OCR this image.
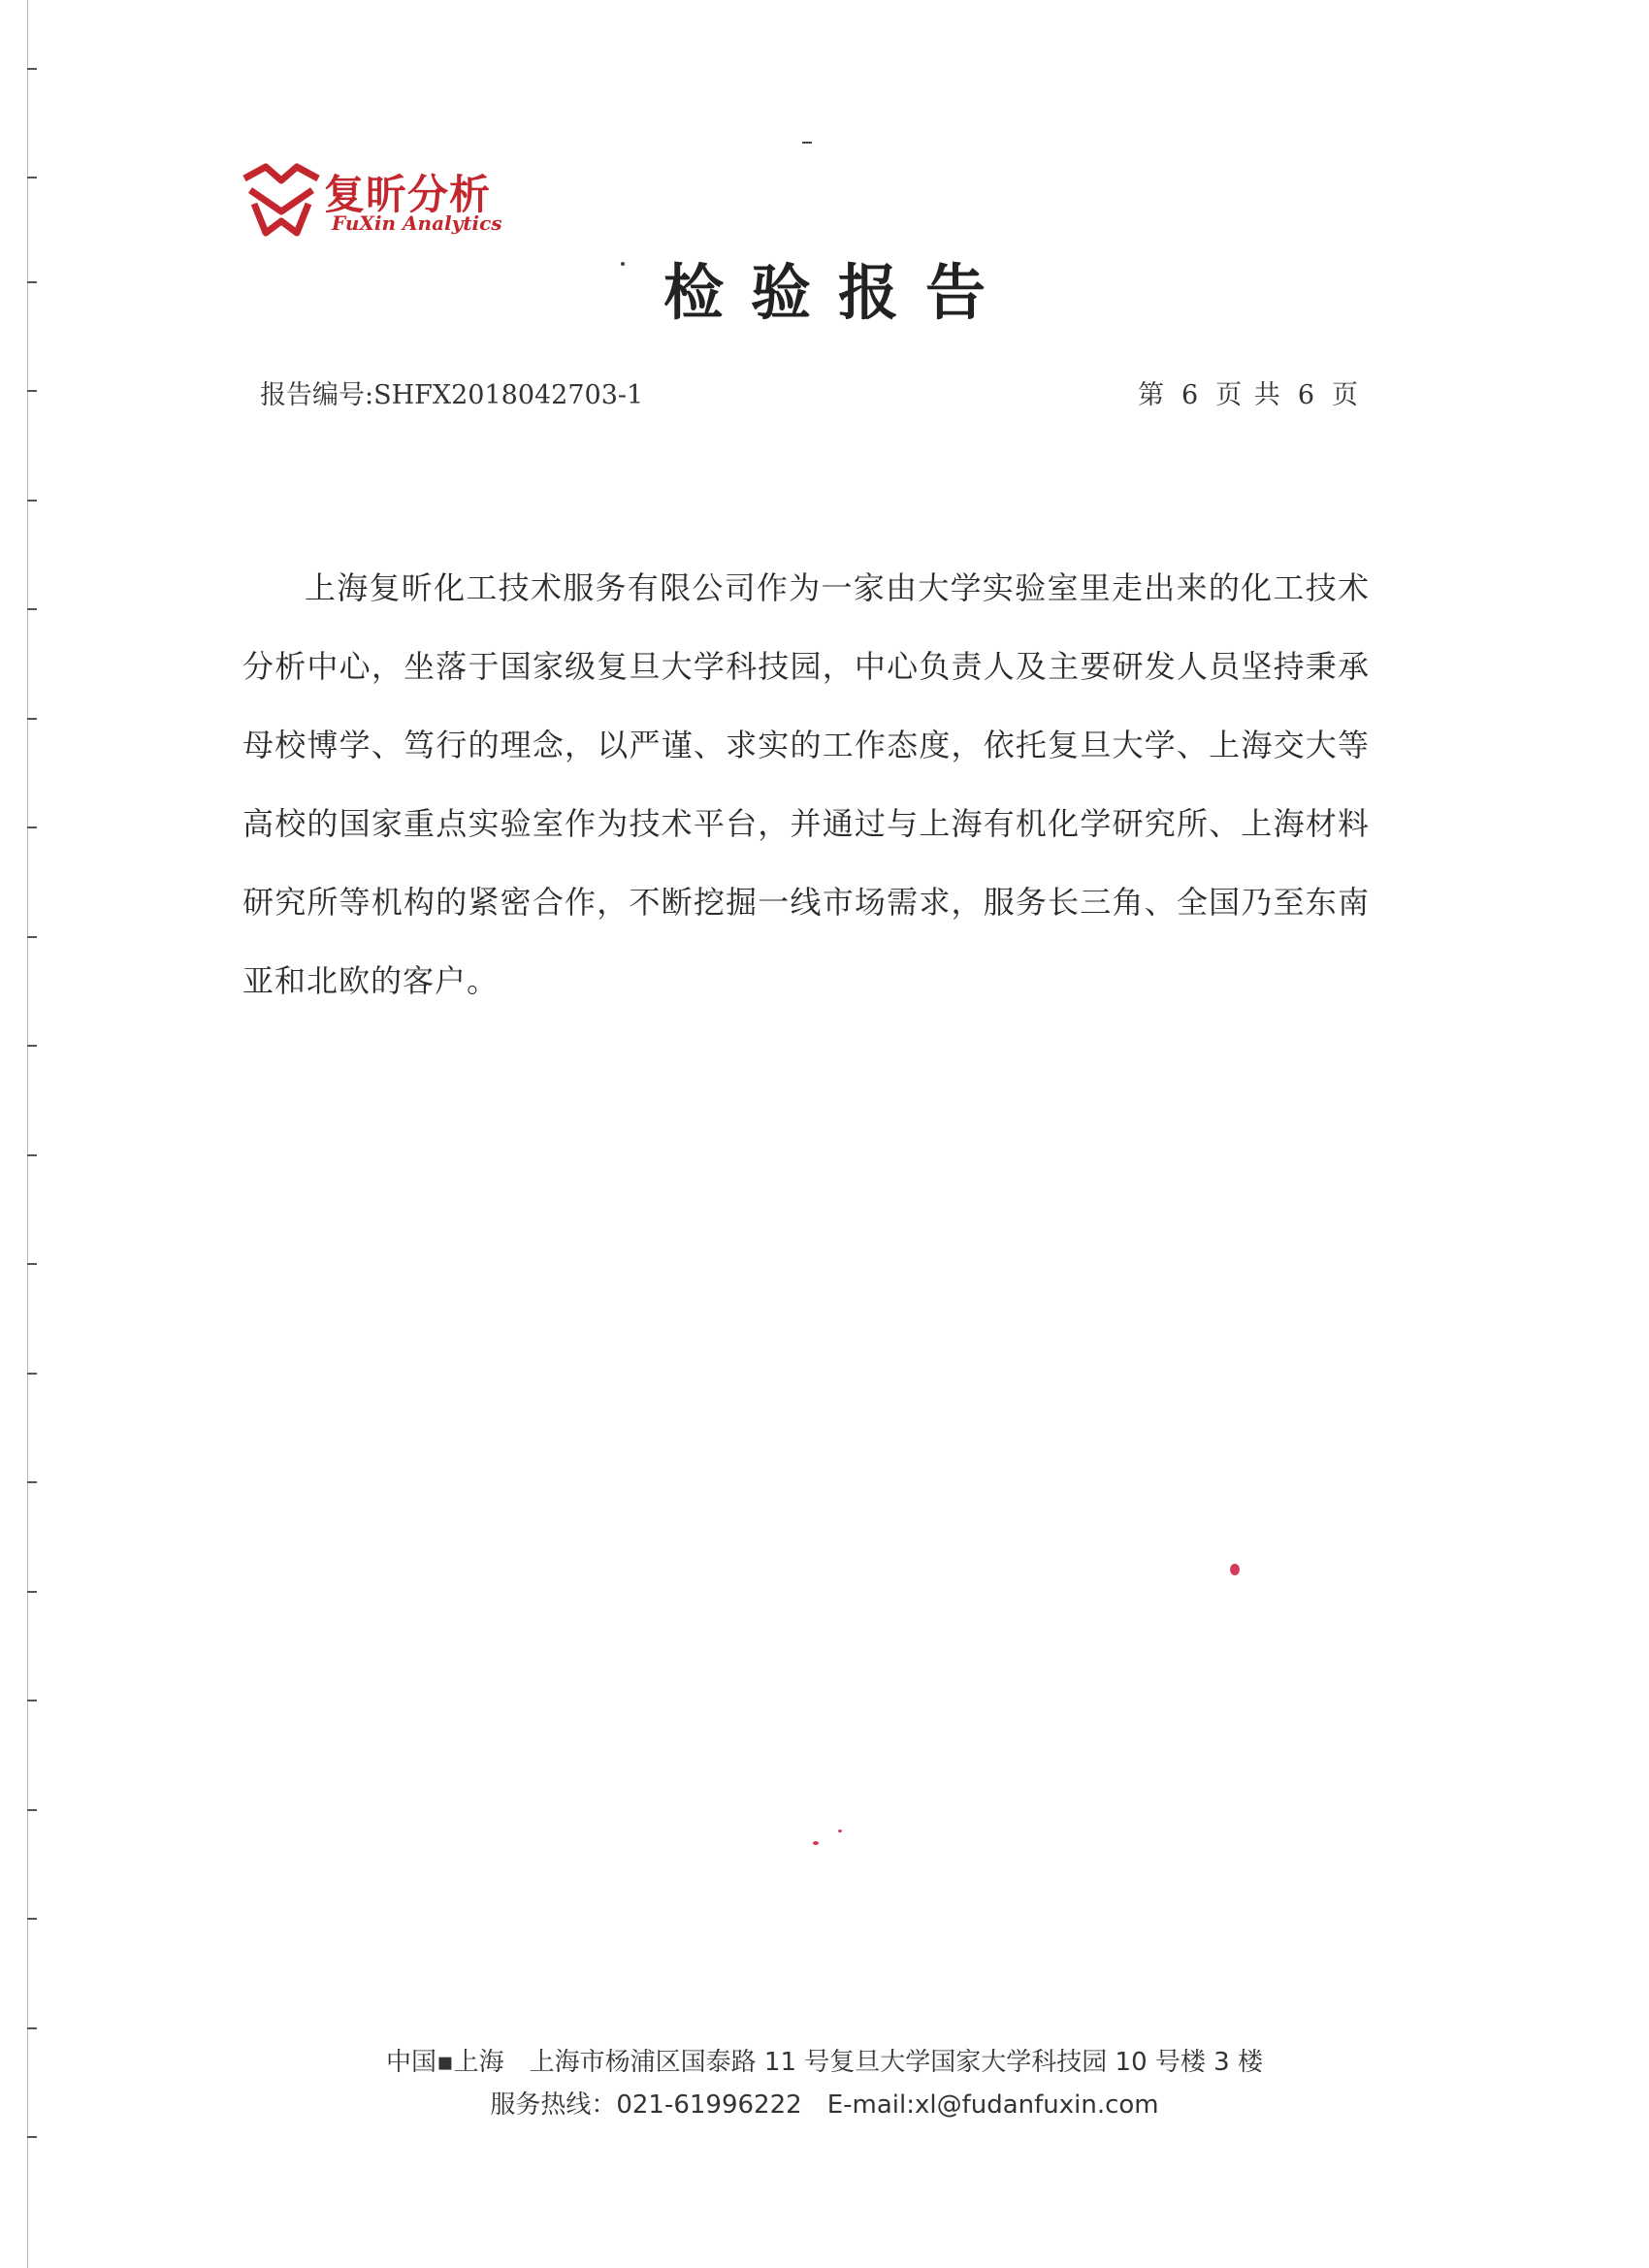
复昕分析
FuXin Analytics
检验报告
报告编号:SHFX2018042703-1	第 6 页 共 6 页
上海复昕化工技术服务有限公司作为一家由大学实验室里走出来的化工技术分析中心，坐落于国家级复旦大学科技园，中心负责人及主要研发人员坚持秉承母校博学、笃行的理念，以严谨、求实的工作态度，依托复旦大学、上海交大等高校的国家重点实验室作为技术平台，并通过与上海有机化学研究所、上海材料研究所等机构的紧密合作，不断挖掘一线市场需求，服务长三角、全国乃至东南亚和北欧的客户。
中国▪上海　上海市杨浦区国泰路 11 号复旦大学国家大学科技园 10 号楼 3 楼
服务热线：021-61996222　E-mail:xl@fudanfuxin.com
